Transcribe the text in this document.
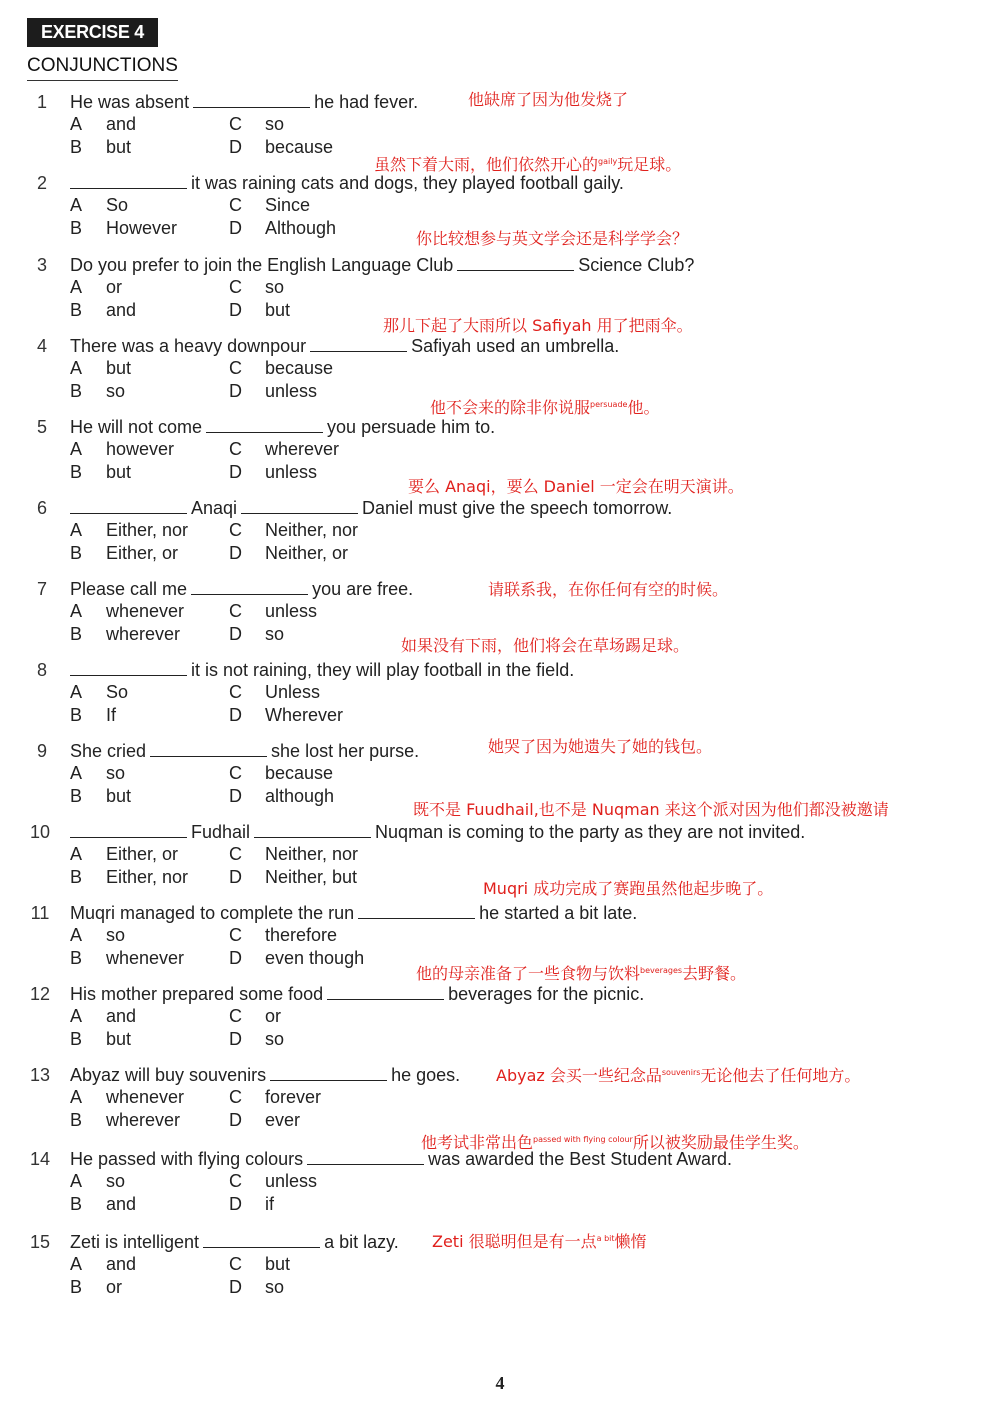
EXERCISE 4
CONJUNCTIONS
1	He was absent	he had fever.
A and
B but
C so
D because
他缺席了因为他发烧了
2	it was raining cats and dogs, they played football gaily.
A So
B However
C Since
D Although
虽然下着大雨，他们依然开心的$^{gaily}$玩足球。
3	Do you prefer to join the English Language Club	Science Club?
A or
B and
C so
D but
你比较想参与英文学会还是科学学会？
4	There was a heavy downpour	Safiyah used an umbrella.
A but
B so
C because
D unless
那儿下起了大雨所以 Safiyah 用了把雨伞。
5	He will not come	you persuade him to.
A however
B but
C wherever
D unless
他不会来的除非你说服$^{persuade}$他。
6	Anaqi	Daniel must give the speech tomorrow.
A Either, nor
B Either, or
C Neither, nor
D Neither, or
要么 Anaqi，要么 Daniel 一定会在明天演讲。
7	Please call me	you are free.
A whenever
B wherever
C unless
D so
请联系我，在你任何有空的时候。
8	it is not raining, they will play football in the field.
A So
B If
C Unless
D Wherever
如果没有下雨，他们将会在草场踢足球。
9	She cried	she lost her purse.
A so
B but
C because
D although
她哭了因为她遗失了她的钱包。
10	Fudhail	Nuqman is coming to the party as they are not invited.
A Either, or
B Either, nor
C Neither, nor
D Neither, but
既不是 Fuudhail,也不是 Nuqman 来这个派对因为他们都没被邀请
11 Muqri managed to complete the run	he started a bit late.
A so
B whenever
C therefore
D even though
Muqri 成功完成了赛跑虽然他起步晚了。
12 His mother prepared some food	beverages for the picnic.
A and
B but
C or
D so
他的母亲准备了一些食物与饮料$^{beverages}$去野餐。
13 Abyaz will buy souvenirs	he goes.
A whenever
B wherever
C forever
D ever
Abyaz 会买一些纪念品$^{souvenirs}$无论他去了任何地方。
14 He passed with flying colours	was awarded the Best Student Award.
A so
B and
C unless
D if
他考试非常出色$^{passed with flying colour}$所以被奖励最佳学生奖。
15 Zeti is intelligent	a bit lazy.
A and
B or
C but
D so
Zeti 很聪明但是有一点$^{a bit}$懒惰
4
